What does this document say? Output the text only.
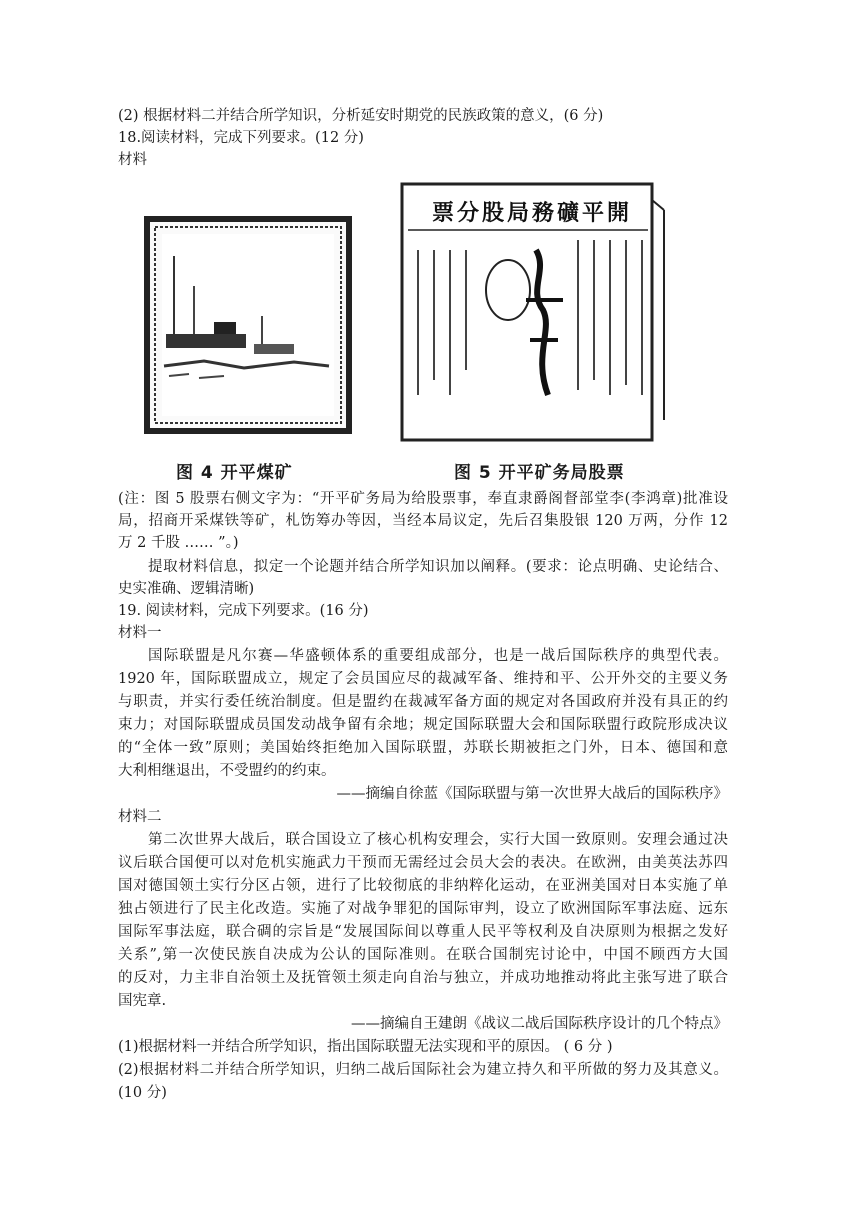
(2) 根据材料二并结合所学知识，分析延安时期党的民族政策的意义，(6 分)
18.阅读材料，完成下列要求。(12 分)
材料
图 4 开平煤矿
票分股局務礦平開
图 5 开平矿务局股票
(注：图 5 股票右侧文字为：“开平矿务局为给股票事，奉直隶爵阁督部堂李(李鸿章)批准设
局，招商开采煤铁等矿，札饬筹办等因，当经本局议定，先后召集股银 120 万两，分作 12
万 2 千股 …… ”。)
提取材料信息，拟定一个论题并结合所学知识加以阐释。(要求：论点明确、史论结合、
史实准确、逻辑清晰)
19. 阅读材料，完成下列要求。(16 分)
材料一
国际联盟是凡尔赛—华盛顿体系的重要组成部分，也是一战后国际秩序的典型代表。
1920 年，国际联盟成立，规定了会员国应尽的裁减军备、维持和平、公开外交的主要义务
与职责，并实行委任统治制度。但是盟约在裁减军备方面的规定对各国政府并没有具正的约
束力；对国际联盟成员国发动战争留有余地；规定国际联盟大会和国际联盟行政院形成决议
的“全体一致”原则；美国始终拒绝加入国际联盟，苏联长期被拒之门外，日本、德国和意
大利相继退出，不受盟约的约束。
——摘编自徐蓝《国际联盟与第一次世界大战后的国际秩序》
材料二
第二次世界大战后，联合国设立了核心机构安理会，实行大国一致原则。安理会通过决
议后联合国便可以对危机实施武力干预而无需经过会员大会的表决。在欧洲，由美英法苏四
国对德国领土实行分区占领，进行了比较彻底的非纳粹化运动，在亚洲美国对日本实施了单
独占领进行了民主化改造。实施了对战争罪犯的国际审判，设立了欧洲国际军事法庭、远东
国际军事法庭，联合碉的宗旨是“发展国际间以尊重人民平等权利及自决原则为根据之发好
关系”,第一次使民族自决成为公认的国际准则。在联合国制宪讨论中，中国不顾西方大国
的反对，力主非自治领土及抚管领土须走向自治与独立，并成功地推动将此主张写进了联合
国宪章.
——摘编自王建朗《战议二战后国际秩序设计的几个特点》
(1)根据材料一并结合所学知识，指出国际联盟无法实现和平的原因。 ( 6 分 )
(2)根据材料二并结合所学知识，归纳二战后国际社会为建立持久和平所做的努力及其意义。
(10 分)
